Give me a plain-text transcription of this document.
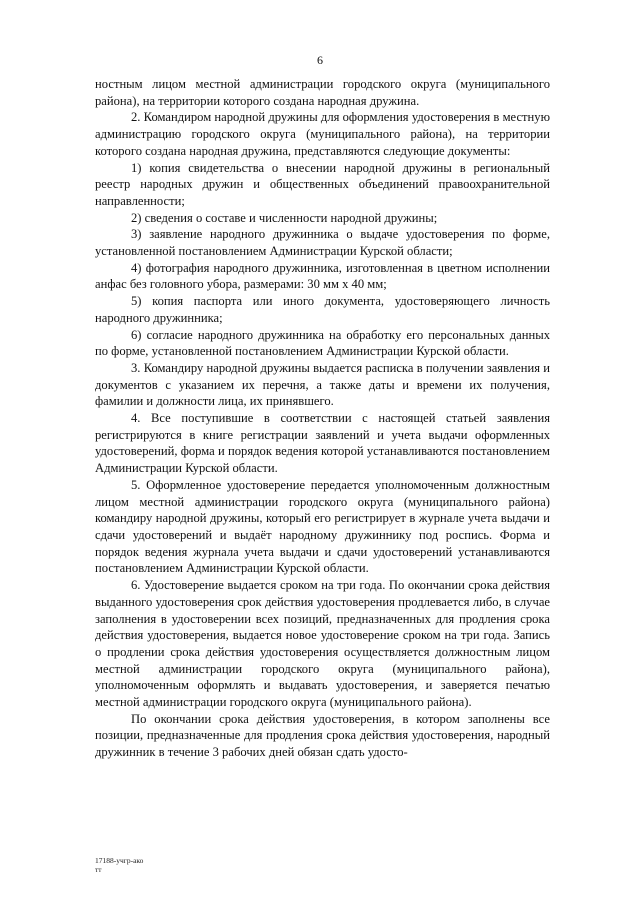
6

ностным лицом местной администрации городского округа (муниципального района), на территории которого создана народная дружина.

2. Командиром народной дружины для оформления удостоверения в местную администрацию городского округа (муниципального района), на территории которого создана народная дружина, представляются следующие документы:

1) копия свидетельства о внесении народной дружины в региональный реестр народных дружин и общественных объединений правоохранительной направленности;

2) сведения о составе и численности народной дружины;

3) заявление народного дружинника о выдаче удостоверения по форме, установленной постановлением Администрации Курской области;

4) фотография народного дружинника, изготовленная в цветном исполнении анфас без головного убора, размерами: 30 мм х 40 мм;

5) копия паспорта или иного документа, удостоверяющего личность народного дружинника;

6) согласие народного дружинника на обработку его персональных данных по форме, установленной постановлением Администрации Курской области.

3. Командиру народной дружины выдается расписка в получении заявления и документов с указанием их перечня, а также даты и времени их получения, фамилии и должности лица, их принявшего.

4. Все поступившие в соответствии с настоящей статьей заявления регистрируются в книге регистрации заявлений и учета выдачи оформленных удостоверений, форма и порядок ведения которой устанавливаются постановлением Администрации Курской области.

5. Оформленное удостоверение передается уполномоченным должностным лицом местной администрации городского округа (муниципального района) командиру народной дружины, который его регистрирует в журнале учета выдачи и сдачи удостоверений и выдаёт народному дружиннику под роспись. Форма и порядок ведения журнала учета выдачи и сдачи удостоверений устанавливаются постановлением Администрации Курской области.

6. Удостоверение выдается сроком на три года. По окончании срока действия выданного удостоверения срок действия удостоверения продлевается либо, в случае заполнения в удостоверении всех позиций, предназначенных для продления срока действия удостоверения, выдается новое удостоверение сроком на три года. Запись о продлении срока действия удостоверения осуществляется должностным лицом местной администрации городского округа (муниципального района), уполномоченным оформлять и выдавать удостоверения, и заверяется печатью местной администрации городского округа (муниципального района).

По окончании срока действия удостоверения, в котором заполнены все позиции, предназначенные для продления срока действия удостоверения, народный дружинник в течение 3 рабочих дней обязан сдать удосто-

17188-учгр-ако
тт
